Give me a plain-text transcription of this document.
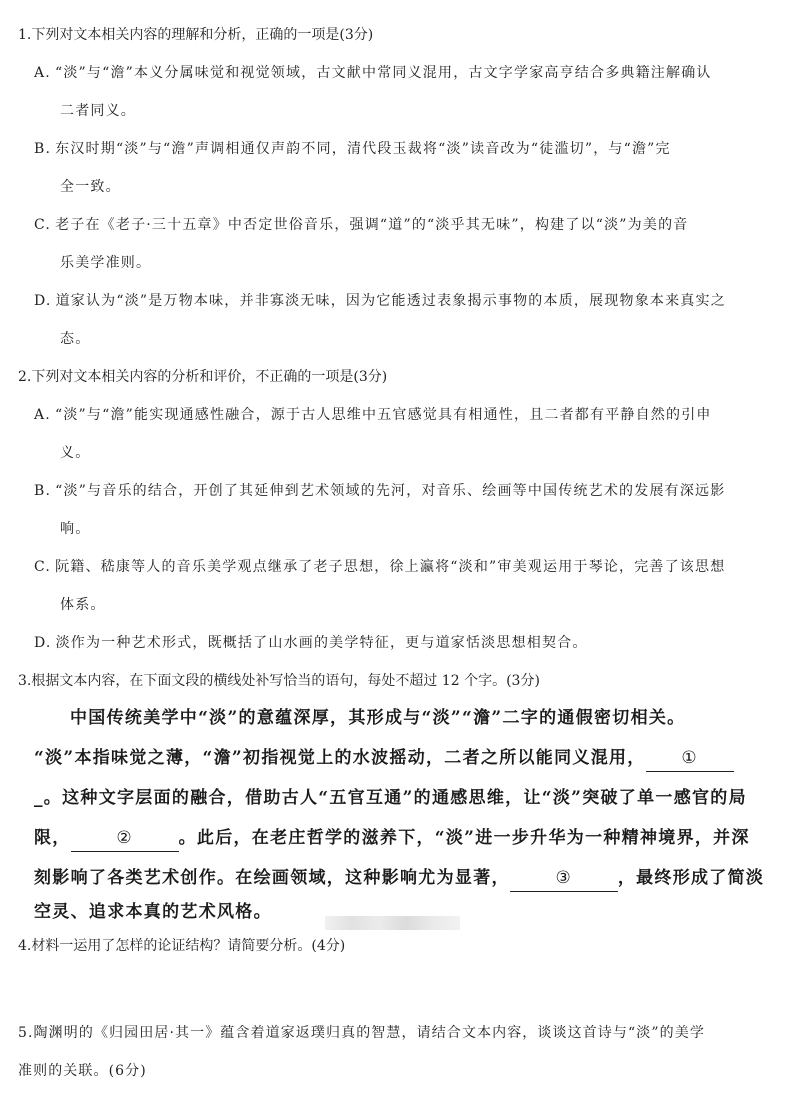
1.下列对文本相关内容的理解和分析，正确的一项是(3分)
A. “淡”与“澹”本义分属味觉和视觉领域，古文献中常同义混用，古文字学家高亨结合多典籍注解确认
二者同义。
B. 东汉时期“淡”与“澹”声调相通仅声韵不同，清代段玉裁将“淡”读音改为“徒滥切”，与“澹”完
全一致。
C. 老子在《老子·三十五章》中否定世俗音乐，强调“道”的“淡乎其无味”，构建了以“淡”为美的音
乐美学准则。
D. 道家认为“淡”是万物本味，并非寡淡无味，因为它能透过表象揭示事物的本质，展现物象本来真实之
态。
2.下列对文本相关内容的分析和评价，不正确的一项是(3分)
A. “淡”与“澹”能实现通感性融合，源于古人思维中五官感觉具有相通性，且二者都有平静自然的引申
义。
B. “淡”与音乐的结合，开创了其延伸到艺术领域的先河，对音乐、绘画等中国传统艺术的发展有深远影
响。
C. 阮籍、嵇康等人的音乐美学观点继承了老子思想，徐上瀛将“淡和”审美观运用于琴论，完善了该思想
体系。
D. 淡作为一种艺术形式，既概括了山水画的美学特征，更与道家恬淡思想相契合。
3.根据文本内容，在下面文段的横线处补写恰当的语句，每处不超过 12 个字。(3分)
中国传统美学中“淡”的意蕴深厚，其形成与“淡”“澹”二字的通假密切相关。
“淡”本指味觉之薄，“澹”初指视觉上的水波摇动，二者之所以能同义混用， ①
_。这种文字层面的融合，借助古人“五官互通”的通感思维，让“淡”突破了单一感官的局
限，	②	。此后，在老庄哲学的滋养下，“淡”进一步升华为一种精神境界，并深
刻影响了各类艺术创作。在绘画领域，这种影响尤为显著，	③	，最终形成了简淡
空灵、追求本真的艺术风格。
4.材料一运用了怎样的论证结构？请简要分析。(4分)
5.陶渊明的《归园田居·其一》蕴含着道家返璞归真的智慧，请结合文本内容，谈谈这首诗与“淡”的美学
准则的关联。(6分)
